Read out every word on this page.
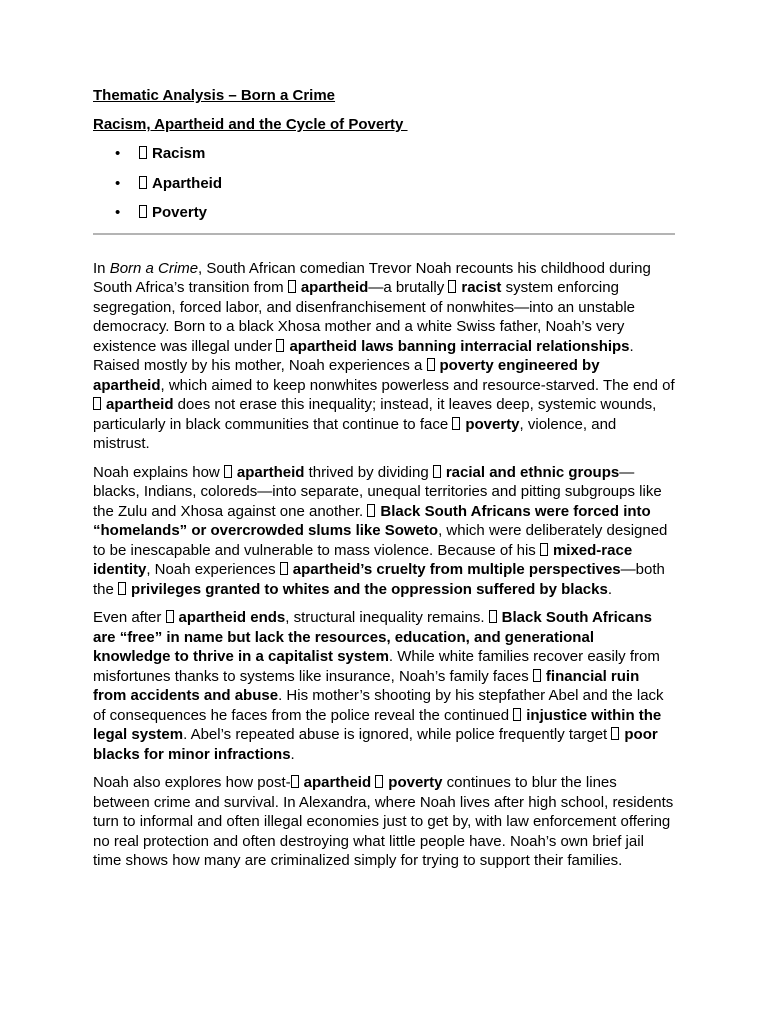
Thematic Analysis – Born a Crime

Racism, Apartheid and the Cycle of Poverty

• Racism
• Apartheid
• Poverty

In Born a Crime, South African comedian Trevor Noah recounts his childhood during South Africa’s transition from apartheid—a brutally racist system enforcing segregation, forced labor, and disenfranchisement of nonwhites—into an unstable democracy. Born to a black Xhosa mother and a white Swiss father, Noah’s very existence was illegal under apartheid laws banning interracial relationships. Raised mostly by his mother, Noah experiences a poverty engineered by apartheid, which aimed to keep nonwhites powerless and resource-starved. The end of apartheid does not erase this inequality; instead, it leaves deep, systemic wounds, particularly in black communities that continue to face poverty, violence, and mistrust.

Noah explains how apartheid thrived by dividing racial and ethnic groups—blacks, Indians, coloreds—into separate, unequal territories and pitting subgroups like the Zulu and Xhosa against one another. Black South Africans were forced into “homelands” or overcrowded slums like Soweto, which were deliberately designed to be inescapable and vulnerable to mass violence. Because of his mixed-race identity, Noah experiences apartheid’s cruelty from multiple perspectives—both the privileges granted to whites and the oppression suffered by blacks.

Even after apartheid ends, structural inequality remains. Black South Africans are “free” in name but lack the resources, education, and generational knowledge to thrive in a capitalist system. While white families recover easily from misfortunes thanks to systems like insurance, Noah’s family faces financial ruin from accidents and abuse. His mother’s shooting by his stepfather Abel and the lack of consequences he faces from the police reveal the continued injustice within the legal system. Abel’s repeated abuse is ignored, while police frequently target poor blacks for minor infractions.

Noah also explores how post- apartheid poverty continues to blur the lines between crime and survival. In Alexandra, where Noah lives after high school, residents turn to informal and often illegal economies just to get by, with law enforcement offering no real protection and often destroying what little people have. Noah’s own brief jail time shows how many are criminalized simply for trying to support their families.
